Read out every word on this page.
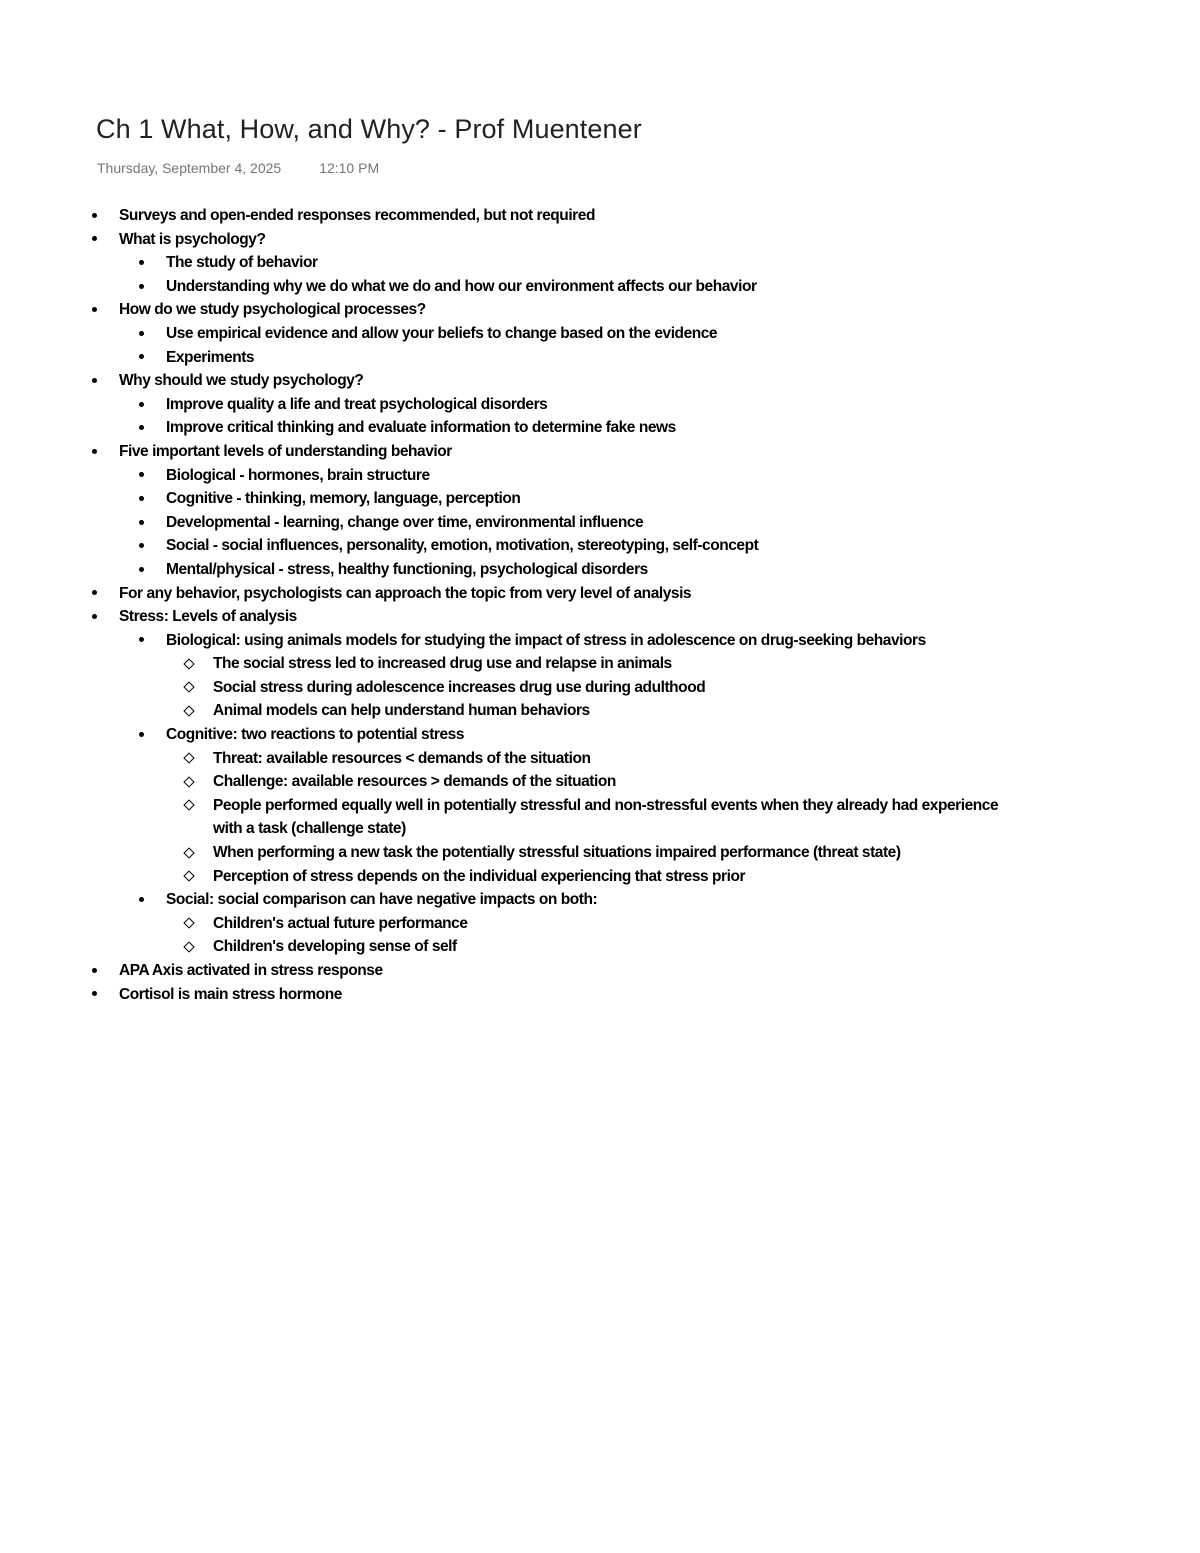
Ch 1 What, How, and Why? - Prof Muentener
Thursday, September 4, 2025	12:10 PM
Surveys and open-ended responses recommended, but not required
What is psychology?
The study of behavior
Understanding why we do what we do and how our environment affects our behavior
How do we study psychological processes?
Use empirical evidence and allow your beliefs to change based on the evidence
Experiments
Why should we study psychology?
Improve quality a life and treat psychological disorders
Improve critical thinking and evaluate information to determine fake news
Five important levels of understanding behavior
Biological - hormones, brain structure
Cognitive - thinking, memory, language, perception
Developmental - learning, change over time, environmental influence
Social - social influences, personality, emotion, motivation, stereotyping, self-concept
Mental/physical - stress, healthy functioning, psychological disorders
For any behavior, psychologists can approach the topic from very level of analysis
Stress: Levels of analysis
Biological: using animals models for studying the impact of stress in adolescence on drug-seeking behaviors
The social stress led to increased drug use and relapse in animals
Social stress during adolescence increases drug use during adulthood
Animal models can help understand human behaviors
Cognitive: two reactions to potential stress
Threat: available resources < demands of the situation
Challenge: available resources > demands of the situation
People performed equally well in potentially stressful and non-stressful events when they already had experience with a task (challenge state)
When performing a new task the potentially stressful situations impaired performance (threat state)
Perception of stress depends on the individual experiencing that stress prior
Social: social comparison can have negative impacts on both:
Children's actual future performance
Children's developing sense of self
APA Axis activated in stress response
Cortisol is main stress hormone
